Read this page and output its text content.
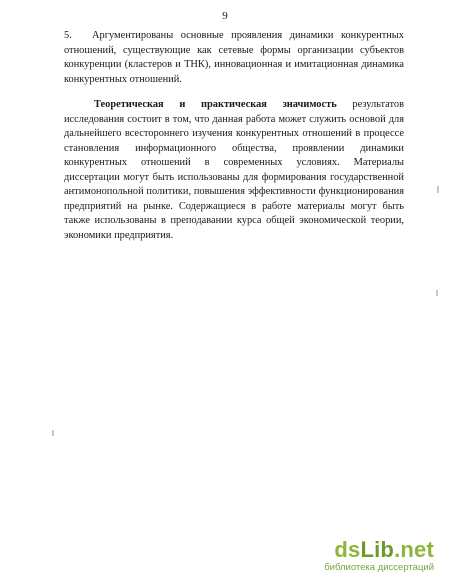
9
5. Аргументированы основные проявления динамики конкурентных отношений, существующие как сетевые формы организации субъектов конкуренции (кластеров и ТНК), инновационная и имитационная динамика конкурентных отношений.

Теоретическая и практическая значимость результатов исследования состоит в том, что данная работа может служить основой для дальнейшего всестороннего изучения конкурентных отношений в процессе становления информационного общества, проявлении динамики конкурентных отношений в современных условиях. Материалы диссертации могут быть использованы для формирования государственной антимонопольной политики, повышения эффективности функционирования предприятий на рынке. Содержащиеся в работе материалы могут быть также использованы в преподавании курса общей экономической теории, экономики предприятия.

dsLib.net
библиотека диссертаций
